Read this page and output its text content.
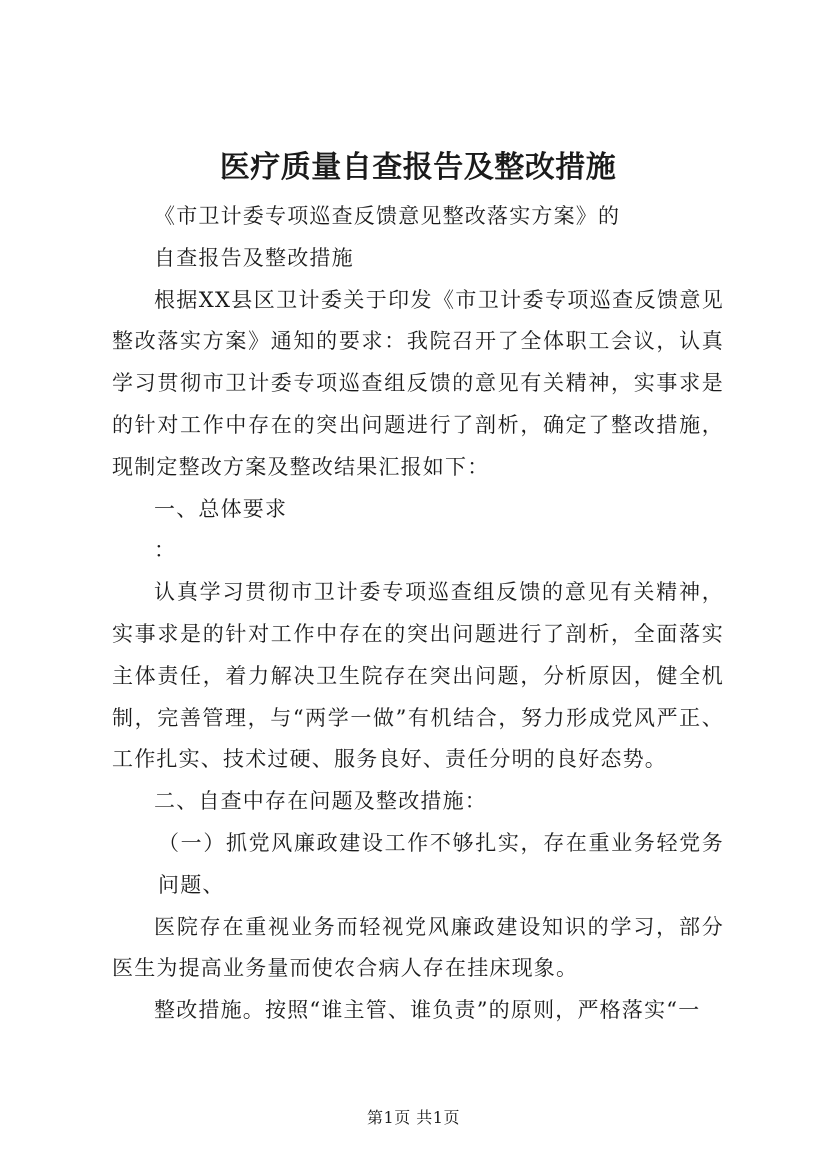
医疗质量自查报告及整改措施

《市卫计委专项巡查反馈意见整改落实方案》的

自查报告及整改措施

根据XX县区卫计委关于印发《市卫计委专项巡查反馈意见整改落实方案》通知的要求：我院召开了全体职工会议，认真学习贯彻市卫计委专项巡查组反馈的意见有关精神，实事求是的针对工作中存在的突出问题进行了剖析，确定了整改措施，现制定整改方案及整改结果汇报如下：

一、总体要求

：

认真学习贯彻市卫计委专项巡查组反馈的意见有关精神，实事求是的针对工作中存在的突出问题进行了剖析，全面落实主体责任，着力解决卫生院存在突出问题，分析原因，健全机制，完善管理，与“两学一做”有机结合，努力形成党风严正、工作扎实、技术过硬、服务良好、责任分明的良好态势。

二、自查中存在问题及整改措施：

（一）抓党风廉政建设工作不够扎实，存在重业务轻党务问题、

医院存在重视业务而轻视党风廉政建设知识的学习，部分医生为提高业务量而使农合病人存在挂床现象。

整改措施。按照“谁主管、谁负责”的原则，严格落实“一

第1页 共1页
